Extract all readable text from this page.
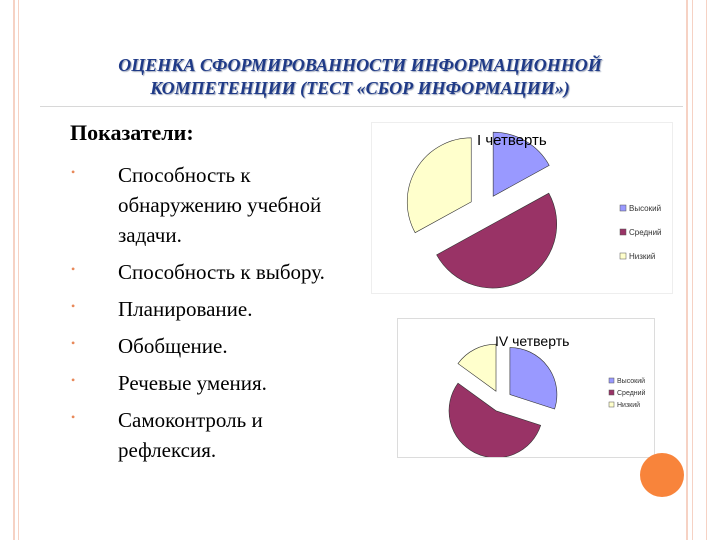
ОЦЕНКА СФОРМИРОВАННОСТИ ИНФОРМАЦИОННОЙ
КОМПЕТЕНЦИИ (ТЕСТ «СБОР ИНФОРМАЦИИ»)
Показатели:
• Способность к обнаружению учебной задачи.
• Способность к выбору.
• Планирование.
• Обобщение.
• Речевые умения.
• Самоконтроль и рефлексия.
I четверть
Высокий
Средний
Низкий
IV четверть
Высокий
Средний
Низкий
